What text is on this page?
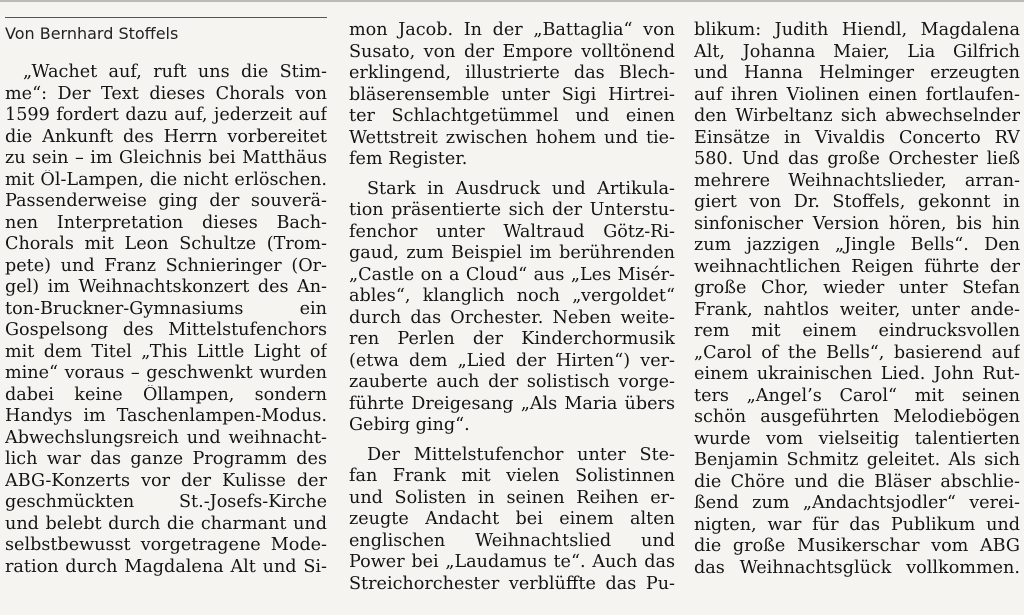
Von Bernhard Stoffels
„Wachet auf, ruft uns die Stim-
me“: Der Text dieses Chorals von
1599 fordert dazu auf, jederzeit auf
die Ankunft des Herrn vorbereitet
zu sein – im Gleichnis bei Matthäus
mit Öl-Lampen, die nicht erlöschen.
Passenderweise ging der souverä-
nen Interpretation dieses Bach-
Chorals mit Leon Schultze (Trom-
pete) und Franz Schnieringer (Or-
gel) im Weihnachtskonzert des An-
ton-Bruckner-Gymnasiums ein
Gospelsong des Mittelstufenchors
mit dem Titel „This Little Light of
mine“ voraus – geschwenkt wurden
dabei keine Öllampen, sondern
Handys im Taschenlampen-Modus.
Abwechslungsreich und weihnacht-
lich war das ganze Programm des
ABG-Konzerts vor der Kulisse der
geschmückten St.-Josefs-Kirche
und belebt durch die charmant und
selbstbewusst vorgetragene Mode-
ration durch Magdalena Alt und Si-
mon Jacob. In der „Battaglia“ von
Susato, von der Empore volltönend
erklingend, illustrierte das Blech-
bläserensemble unter Sigi Hirtrei-
ter Schlachtgetümmel und einen
Wettstreit zwischen hohem und tie-
fem Register.
Stark in Ausdruck und Artikula-
tion präsentierte sich der Unterstu-
fenchor unter Waltraud Götz-Ri-
gaud, zum Beispiel im berührenden
„Castle on a Cloud“ aus „Les Misér-
ables“, klanglich noch „vergoldet“
durch das Orchester. Neben weite-
ren Perlen der Kinderchormusik
(etwa dem „Lied der Hirten“) ver-
zauberte auch der solistisch vorge-
führte Dreigesang „Als Maria übers
Gebirg ging“.
Der Mittelstufenchor unter Ste-
fan Frank mit vielen Solistinnen
und Solisten in seinen Reihen er-
zeugte Andacht bei einem alten
englischen Weihnachtslied und
Power bei „Laudamus te“. Auch das
Streichorchester verblüffte das Pu-
blikum: Judith Hiendl, Magdalena
Alt, Johanna Maier, Lia Gilfrich
und Hanna Helminger erzeugten
auf ihren Violinen einen fortlaufen-
den Wirbeltanz sich abwechselnder
Einsätze in Vivaldis Concerto RV
580. Und das große Orchester ließ
mehrere Weihnachtslieder, arran-
giert von Dr. Stoffels, gekonnt in
sinfonischer Version hören, bis hin
zum jazzigen „Jingle Bells“. Den
weihnachtlichen Reigen führte der
große Chor, wieder unter Stefan
Frank, nahtlos weiter, unter ande-
rem mit einem eindrucksvollen
„Carol of the Bells“, basierend auf
einem ukrainischen Lied. John Rut-
ters „Angel’s Carol“ mit seinen
schön ausgeführten Melodiebögen
wurde vom vielseitig talentierten
Benjamin Schmitz geleitet. Als sich
die Chöre und die Bläser abschlie-
ßend zum „Andachtsjodler“ verei-
nigten, war für das Publikum und
die große Musikerschar vom ABG
das Weihnachtsglück vollkommen.
